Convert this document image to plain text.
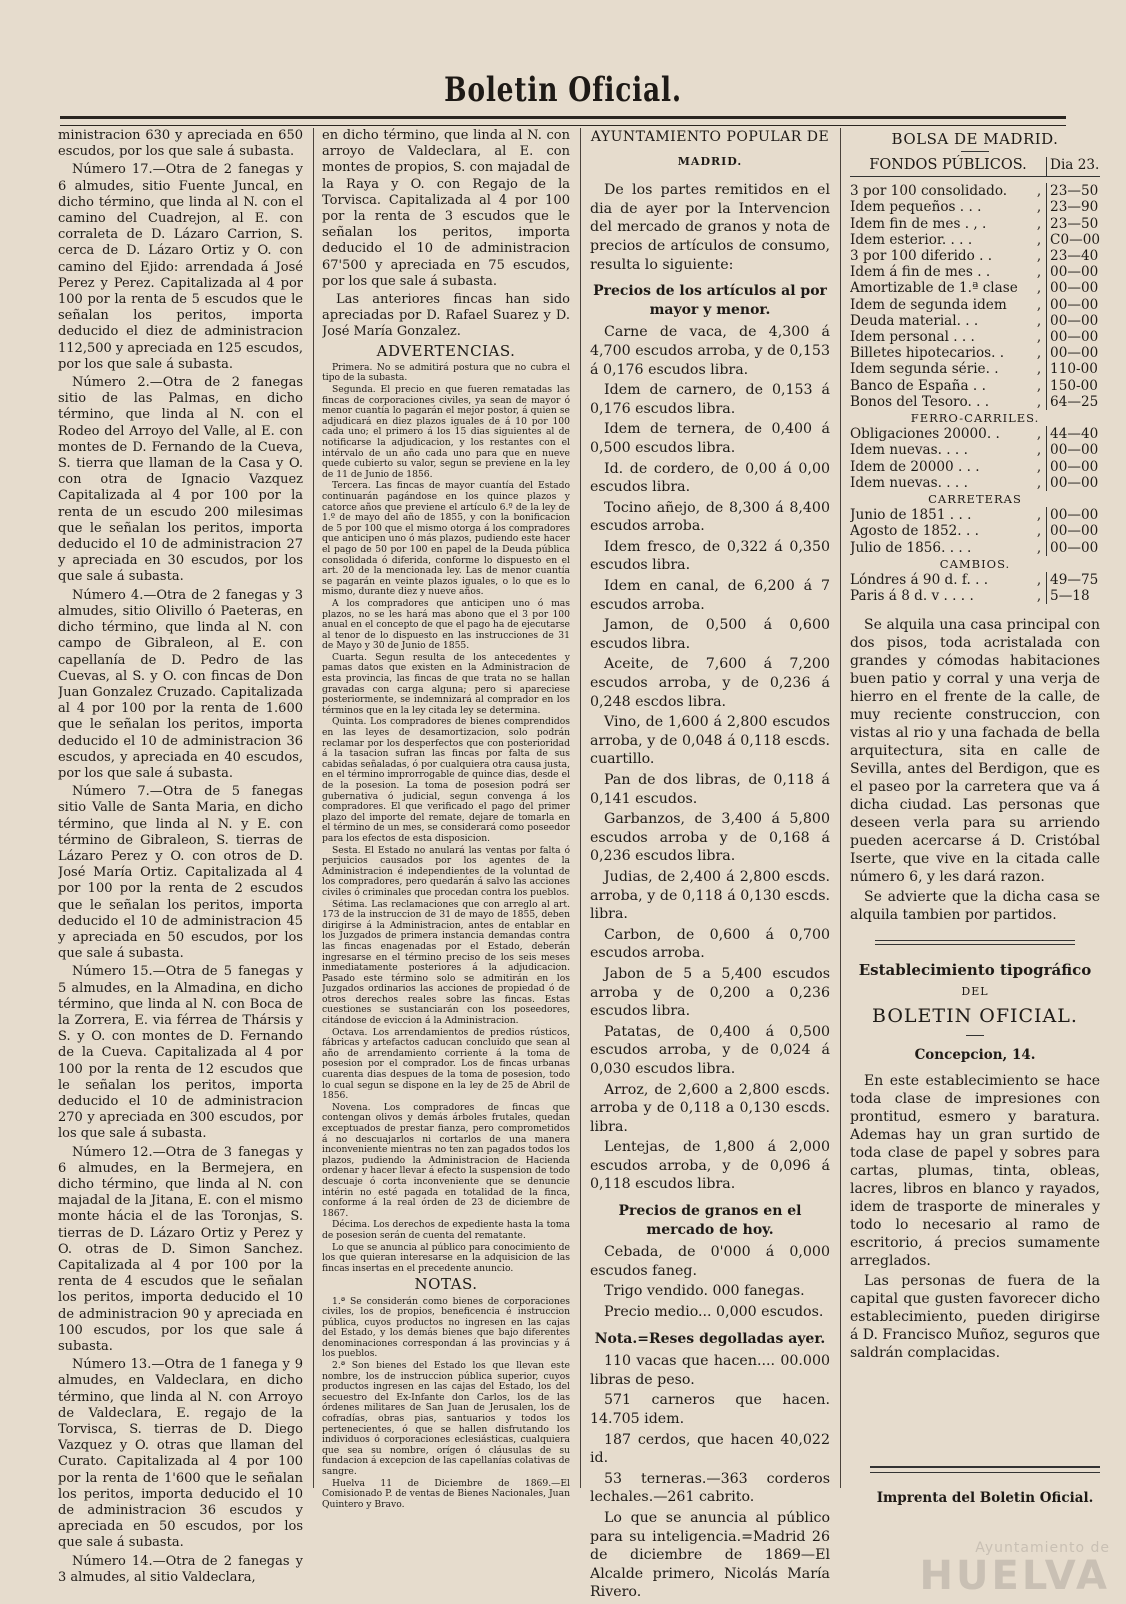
Boletin Oficial.

ministracion 630 y apreciada en 650 escudos, por los que sale á subasta.

Número 17.—Otra de 2 fanegas y 6 almudes, sitio Fuente Juncal, en dicho término, que linda al N. con el camino del Cuadrejon, al E. con corraleta de D. Lázaro Carrion, S. cerca de D. Lázaro Ortiz y O. con camino del Ejido: arrendada á José Perez y Perez. Capitalizada al 4 por 100 por la renta de 5 escudos que le señalan los peritos, importa deducido el diez de administracion 112,500 y apreciada en 125 escudos, por los que sale á subasta.

Número 2.—Otra de 2 fanegas sitio de las Palmas, en dicho término, que linda al N. con el Rodeo del Arroyo del Valle, al E. con montes de D. Fernando de la Cueva, S. tierra que llaman de la Casa y O. con otra de Ignacio Vazquez Capitalizada al 4 por 100 por la renta de un escudo 200 milesimas que le señalan los peritos, importa deducido el 10 de administracion 27 y apreciada en 30 escudos, por los que sale á subasta.

Número 4.—Otra de 2 fanegas y 3 almudes, sitio Olivillo ó Paeteras, en dicho término, que linda al N. con campo de Gibraleon, al E. con capellanía de D. Pedro de las Cuevas, al S. y O. con fincas de Don Juan Gonzalez Cruzado. Capitalizada al 4 por 100 por la renta de 1.600 que le señalan los peritos, importa deducido el 10 de administracion 36 escudos, y apreciada en 40 escudos, por los que sale á subasta.

Número 7.—Otra de 5 fanegas sitio Valle de Santa Maria, en dicho término, que linda al N. y E. con término de Gibraleon, S. tierras de Lázaro Perez y O. con otros de D. José María Ortiz. Capitalizada al 4 por 100 por la renta de 2 escudos que le señalan los peritos, importa deducido el 10 de administracion 45 y apreciada en 50 escudos, por los que sale á subasta.

Número 15.—Otra de 5 fanegas y 5 almudes, en la Almadina, en dicho término, que linda al N. con Boca de la Zorrera, E. via férrea de Thársis y S. y O. con montes de D. Fernando de la Cueva. Capitalizada al 4 por 100 por la renta de 12 escudos que le señalan los peritos, importa deducido el 10 de administracion 270 y apreciada en 300 escudos, por los que sale á subasta.

Número 12.—Otra de 3 fanegas y 6 almudes, en la Bermejera, en dicho término, que linda al N. con majadal de la Jitana, E. con el mismo monte hácia el de las Toronjas, S. tierras de D. Lázaro Ortiz y Perez y O. otras de D. Simon Sanchez. Capitalizada al 4 por 100 por la renta de 4 escudos que le señalan los peritos, importa deducido el 10 de administracion 90 y apreciada en 100 escudos, por los que sale á subasta.

Número 13.—Otra de 1 fanega y 9 almudes, en Valdeclara, en dicho término, que linda al N. con Arroyo de Valdeclara, E. regajo de la Torvisca, S. tierras de D. Diego Vazquez y O. otras que llaman del Curato. Capitalizada al 4 por 100 por la renta de 1'600 que le señalan los peritos, importa deducido el 10 de administracion 36 escudos y apreciada en 50 escudos, por los que sale á subasta.

Número 14.—Otra de 2 fanegas y 3 almudes, al sitio Valdeclara,

en dicho término, que linda al N. con arroyo de Valdeclara, al E. con montes de propios, S. con majadal de la Raya y O. con Regajo de la Torvisca. Capitalizada al 4 por 100 por la renta de 3 escudos que le señalan los peritos, importa deducido el 10 de administracion 67'500 y apreciada en 75 escudos, por los que sale á subasta.

Las anteriores fincas han sido apreciadas por D. Rafael Suarez y D. José María Gonzalez.

ADVERTENCIAS.

Primera. No se admitirá postura que no cubra el tipo de la subasta.

Segunda. El precio en que fueren rematadas las fincas de corporaciones civiles, ya sean de mayor ó menor cuantía lo pagarán el mejor postor, á quien se adjudicará en diez plazos iguales de á 10 por 100 cada uno; el primero á los 15 dias siguientes al de notificarse la adjudicacion, y los restantes con el intérvalo de un año cada uno para que en nueve quede cubierto su valor, segun se previene en la ley de 11 de Junio de 1856.

Tercera. Las fincas de mayor cuantía del Estado continuarán pagándose en los quince plazos y catorce años que previene el artículo 6.º de la ley de 1.º de mayo del año de 1855, y con la bonificacion de 5 por 100 que el mismo otorga á los compradores que anticipen uno ó más plazos, pudiendo este hacer el pago de 50 por 100 en papel de la Deuda pública consolidada ó diferida, conforme lo dispuesto en el art. 20 de la mencionada ley. Las de menor cuantía se pagarán en veinte plazos iguales, o lo que es lo mismo, durante diez y nueve años.

A los compradores que anticipen uno ó mas plazos, no se les hará mas abono que el 3 por 100 anual en el concepto de que el pago ha de ejecutarse al tenor de lo dispuesto en las instrucciones de 31 de Mayo y 30 de Junio de 1855.

Cuarta. Segun resulta de los antecedentes y pamas datos que existen en la Administracion de esta provincia, las fincas de que trata no se hallan gravadas con carga alguna; pero si apareciese posteriormente, se indemnizará al comprador en los términos que en la ley citada ley se determina.

Quinta. Los compradores de bienes comprendidos en las leyes de desamortizacion, solo podrán reclamar por los desperfectos que con posterioridad á la tasacion sufran las fincas por falta de sus cabidas señaladas, ó por cualquiera otra causa justa, en el término improrrogable de quince dias, desde el de la posesion. La toma de posesion podrá ser gubernativa ó judicial, segun convenga á los compradores. El que verificado el pago del primer plazo del importe del remate, dejare de tomarla en el término de un mes, se considerará como poseedor para los efectos de esta disposicion.

Sesta. El Estado no anulará las ventas por falta ó perjuicios causados por los agentes de la Administracion é independientes de la voluntad de los compradores, pero quedarán á salvo las acciones civiles ó criminales que procedan contra los pueblos.

Sétima. Las reclamaciones que con arreglo al art. 173 de la instruccion de 31 de mayo de 1855, deben dirigirse á la Administracion, antes de entablar en los Juzgados de primera instancia demandas contra las fincas enagenadas por el Estado, deberán ingresarse en el término preciso de los seis meses inmediatamente posteriores á la adjudicacion. Pasado este término solo se admitirán en los Juzgados ordinarios las acciones de propiedad ó de otros derechos reales sobre las fincas. Estas cuestiones se sustanciarán con los poseedores, citándose de eviccion á la Administracion.

Octava. Los arrendamientos de predios rústicos, fábricas y artefactos caducan concluido que sean al año de arrendamiento corriente á la toma de posesion por el comprador. Los de fincas urbanas cuarenta dias despues de la toma de posesion, todo lo cual segun se dispone en la ley de 25 de Abril de 1856.

Novena. Los compradores de fincas que contengan olivos y demás árboles frutales, quedan exceptuados de prestar fianza, pero comprometidos á no descuajarlos ni cortarlos de una manera inconveniente mientras no ten zan pagados todos los plazos, pudiendo la Administracion de Hacienda ordenar y hacer llevar á efecto la suspension de todo descuaje ó corta inconveniente que se denuncie intérin no esté pagada en totalidad de la finca, conforme á la real órden de 23 de diciembre de 1867.

Décima. Los derechos de expediente hasta la toma de posesion serán de cuenta del rematante.

Lo que se anuncia al público para conocimiento de los que quieran interesarse en la adquisicion de las fincas insertas en el precedente anuncio.

NOTAS.

1.ª Se considerán como bienes de corporaciones civiles, los de propios, beneficencia é instruccion pública, cuyos productos no ingresen en las cajas del Estado, y los demás bienes que bajo diferentes denominaciones correspondan á las provincias y á los pueblos.

2.ª Son bienes del Estado los que llevan este nombre, los de instruccion pública superior, cuyos productos ingresen en las cajas del Estado, los del secuestro del Ex-Infante don Carlos, los de las órdenes militares de San Juan de Jerusalen, los de cofradías, obras pias, santuarios y todos los pertenecientes, ó que se hallen disfrutando los individuos ó corporaciones eclesiásticas, cualquiera que sea su nombre, orígen ó cláusulas de su fundacion á excepcion de las capellanías colativas de sangre.

Huelva 11 de Diciembre de 1869.—El Comisionado P. de ventas de Bienes Nacionales, Juan Quintero y Bravo.

AYUNTAMIENTO POPULAR DE
MADRID.

De los partes remitidos en el dia de ayer por la Intervencion del mercado de granos y nota de precios de artículos de consumo, resulta lo siguiente:

Precios de los artículos al por mayor y menor.

Carne de vaca, de 4,300 á 4,700 escudos arroba, y de 0,153 á 0,176 escudos libra.

Idem de carnero, de 0,153 á 0,176 escudos libra.

Idem de ternera, de 0,400 á 0,500 escudos libra.

Id. de cordero, de 0,00 á 0,00 escudos libra.

Tocino añejo, de 8,300 á 8,400 escudos arroba.

Idem fresco, de 0,322 á 0,350 escudos libra.

Idem en canal, de 6,200 á 7 escudos arroba.

Jamon, de 0,500 á 0,600 escudos libra.

Aceite, de 7,600 á 7,200 escudos arroba, y de 0,236 á 0,248 escdos libra.

Vino, de 1,600 á 2,800 escudos arroba, y de 0,048 á 0,118 escds. cuartillo.

Pan de dos libras, de 0,118 á 0,141 escudos.

Garbanzos, de 3,400 á 5,800 escudos arroba y de 0,168 á 0,236 escudos libra.

Judias, de 2,400 á 2,800 escds. arroba, y de 0,118 á 0,130 escds. libra.

Carbon, de 0,600 á 0,700 escudos arroba.

Jabon de 5 a 5,400 escudos arroba y de 0,200 a 0,236 escudos libra.

Patatas, de 0,400 á 0,500 escudos arroba, y de 0,024 á 0,030 escudos libra.

Arroz, de 2,600 a 2,800 escds. arroba y de 0,118 a 0,130 escds. libra.

Lentejas, de 1,800 á 2,000 escudos arroba, y de 0,096 á 0,118 escudos libra.

Precios de granos en el mercado de hoy.

Cebada, de 0'000 á 0,000 escudos faneg.

Trigo vendido. 000 fanegas.

Precio medio... 0,000 escudos.

Nota.=Reses degolladas ayer.

110 vacas que hacen.... 00.000 libras de peso.

571 carneros que hacen. 14.705 idem.

187 cerdos, que hacen 40,022 id.

53 terneras.—363 corderos lechales.—261 cabrito.

Lo que se anuncia al público para su inteligencia.=Madrid 26 de diciembre de 1869—El Alcalde primero, Nicolás María Rivero.

BOLSA DE MADRID.
FONDOS PÚBLICOS.		Dia 23.

3 por 100 consolidado.	,	23—50
Idem pequeños . . .	,	23—90
Idem fin de mes . , .	,	23—50
Idem esterior. . . .	,	C0—00
3 por 100 diferido . .	,	23—40
Idem á fin de mes . .	,	00—00
Amortizable de 1.ª clase	,	00—00
Idem de segunda idem	,	00—00
Deuda material. . .	,	00—00
Idem personal . . .	,	00—00
Billetes hipotecarios. .	,	00—00
Idem segunda série. .	,	110-00
Banco de España . .	,	150-00
Bonos del Tesoro. . .	,	64—25
FERRO-CARRILES.		
Obligaciones 20000. .	,	44—40
Idem nuevas. . . .	,	00—00
Idem de 20000 . . .	,	00—00
Idem nuevas. . . .	,	00—00
CARRETERAS		
Junio de 1851 . . .	,	00—00
Agosto de 1852. . .	,	00—00
Julio de 1856. . . .	,	00—00
CAMBIOS.		
Lóndres á 90 d. f. . .	,	49—75
Paris á 8 d. v . . . .	,	5—18

Se alquila una casa principal con dos pisos, toda acristalada con grandes y cómodas habitaciones buen patio y corral y una verja de hierro en el frente de la calle, de muy reciente construccion, con vistas al rio y una fachada de bella arquitectura, sita en calle de Sevilla, antes del Berdigon, que es el paseo por la carretera que va á dicha ciudad. Las personas que deseen verla para su arriendo pueden acercarse á D. Cristóbal Iserte, que vive en la citada calle número 6, y les dará razon.

Se advierte que la dicha casa se alquila tambien por partidos.

Establecimiento tipográfico
DEL
BOLETIN OFICIAL.
Concepcion, 14.

En este establecimiento se hace toda clase de impresiones con prontitud, esmero y baratura. Ademas hay un gran surtido de toda clase de papel y sobres para cartas, plumas, tinta, obleas, lacres, libros en blanco y rayados, idem de trasporte de minerales y todo lo necesario al ramo de escritorio, á precios sumamente arreglados.

Las personas de fuera de la capital que gusten favorecer dicho establecimiento, pueden dirigirse á D. Francisco Muñoz, seguros que saldrán complacidas.

Imprenta del Boletin Oficial.
Ayuntamiento de
HUELVA
